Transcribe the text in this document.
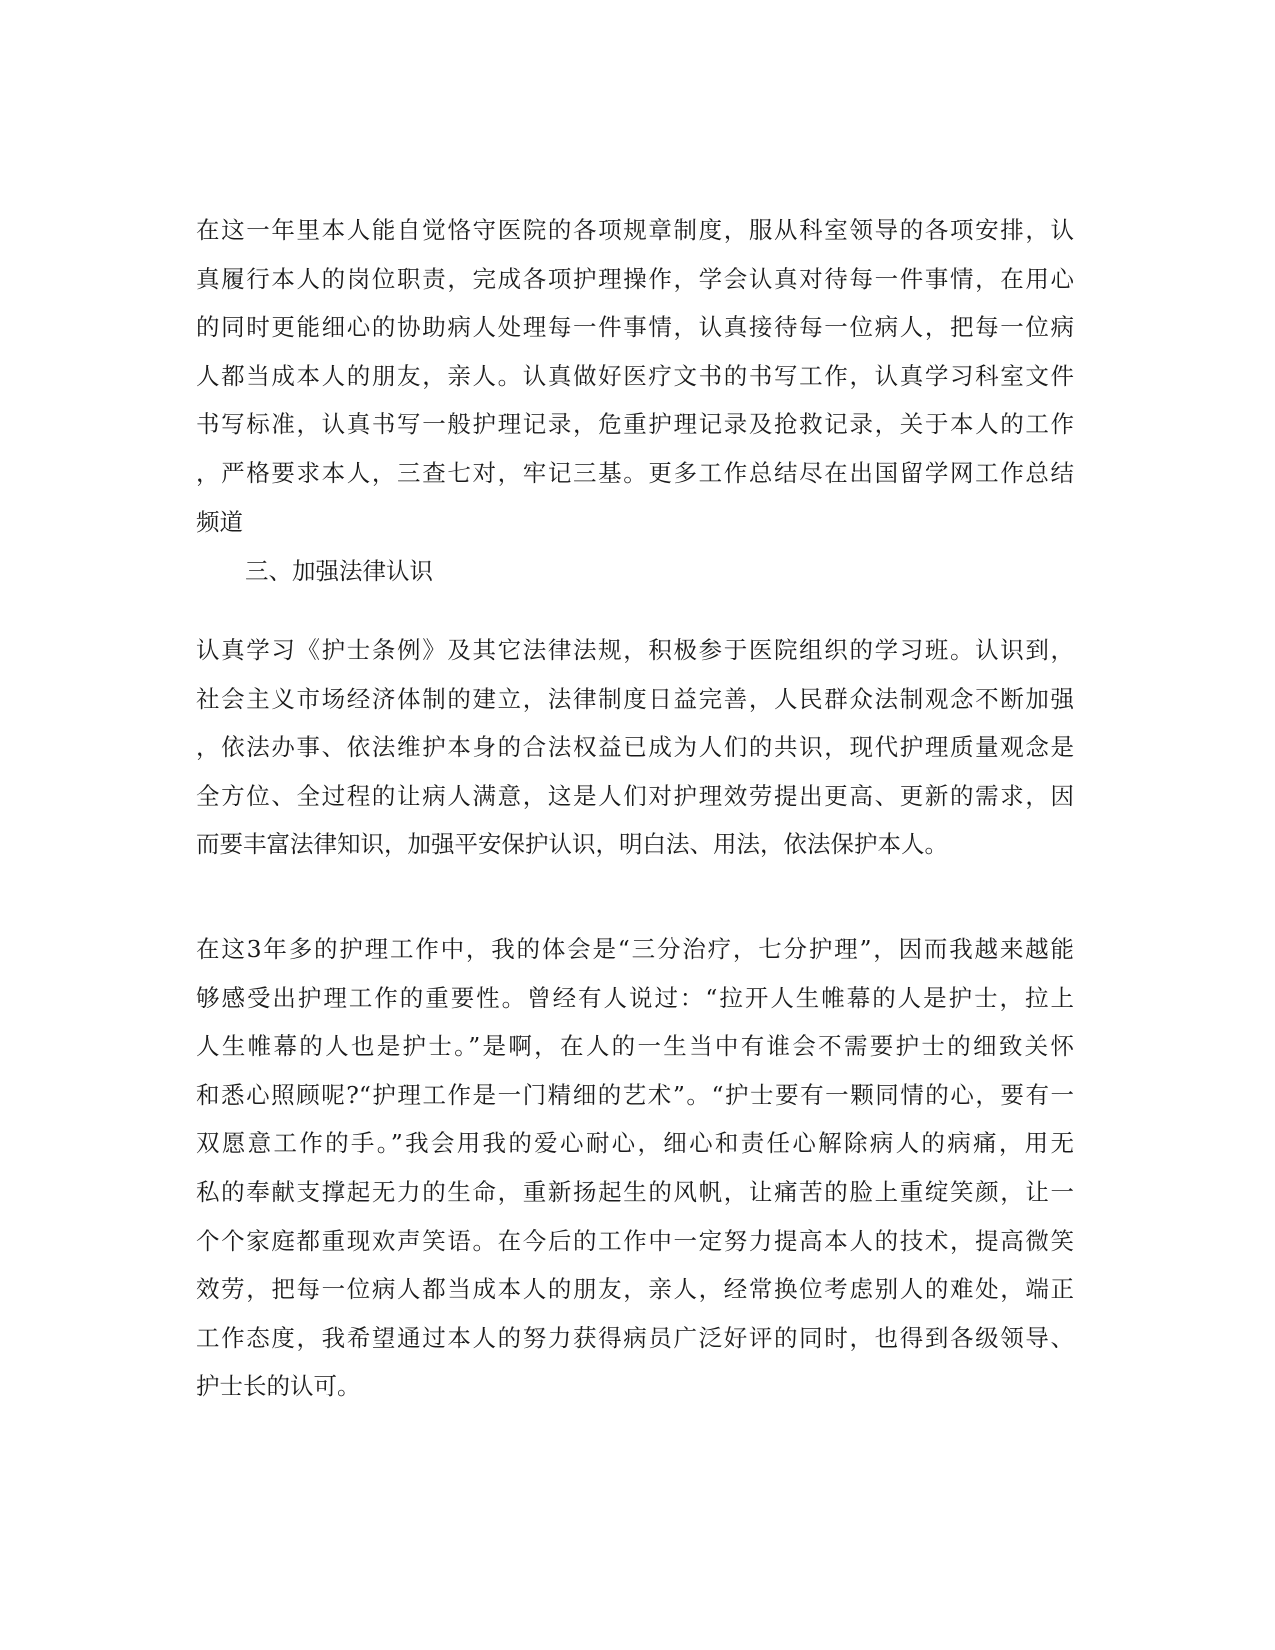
在这一年里本人能自觉恪守医院的各项规章制度，服从科室领导的各项安排，认
真履行本人的岗位职责，完成各项护理操作，学会认真对待每一件事情，在用心
的同时更能细心的协助病人处理每一件事情，认真接待每一位病人，把每一位病
人都当成本人的朋友，亲人。认真做好医疗文书的书写工作，认真学习科室文件
书写标准，认真书写一般护理记录，危重护理记录及抢救记录，关于本人的工作
，严格要求本人，三查七对，牢记三基。更多工作总结尽在出国留学网工作总结
频道
三、加强法律认识
认真学习《护士条例》及其它法律法规，积极参于医院组织的学习班。认识到，
社会主义市场经济体制的建立，法律制度日益完善，人民群众法制观念不断加强
，依法办事、依法维护本身的合法权益已成为人们的共识，现代护理质量观念是
全方位、全过程的让病人满意，这是人们对护理效劳提出更高、更新的需求，因
而要丰富法律知识，加强平安保护认识，明白法、用法，依法保护本人。
在这3年多的护理工作中，我的体会是“三分治疗，七分护理”，因而我越来越能
够感受出护理工作的重要性。曾经有人说过：“拉开人生帷幕的人是护士，拉上
人生帷幕的人也是护士。”是啊，在人的一生当中有谁会不需要护士的细致关怀
和悉心照顾呢?“护理工作是一门精细的艺术”。“护士要有一颗同情的心，要有一
双愿意工作的手。”我会用我的爱心耐心，细心和责任心解除病人的病痛，用无
私的奉献支撑起无力的生命，重新扬起生的风帆，让痛苦的脸上重绽笑颜，让一
个个家庭都重现欢声笑语。在今后的工作中一定努力提高本人的技术，提高微笑
效劳，把每一位病人都当成本人的朋友，亲人，经常换位考虑别人的难处，端正
工作态度，我希望通过本人的努力获得病员广泛好评的同时，也得到各级领导、
护士长的认可。
